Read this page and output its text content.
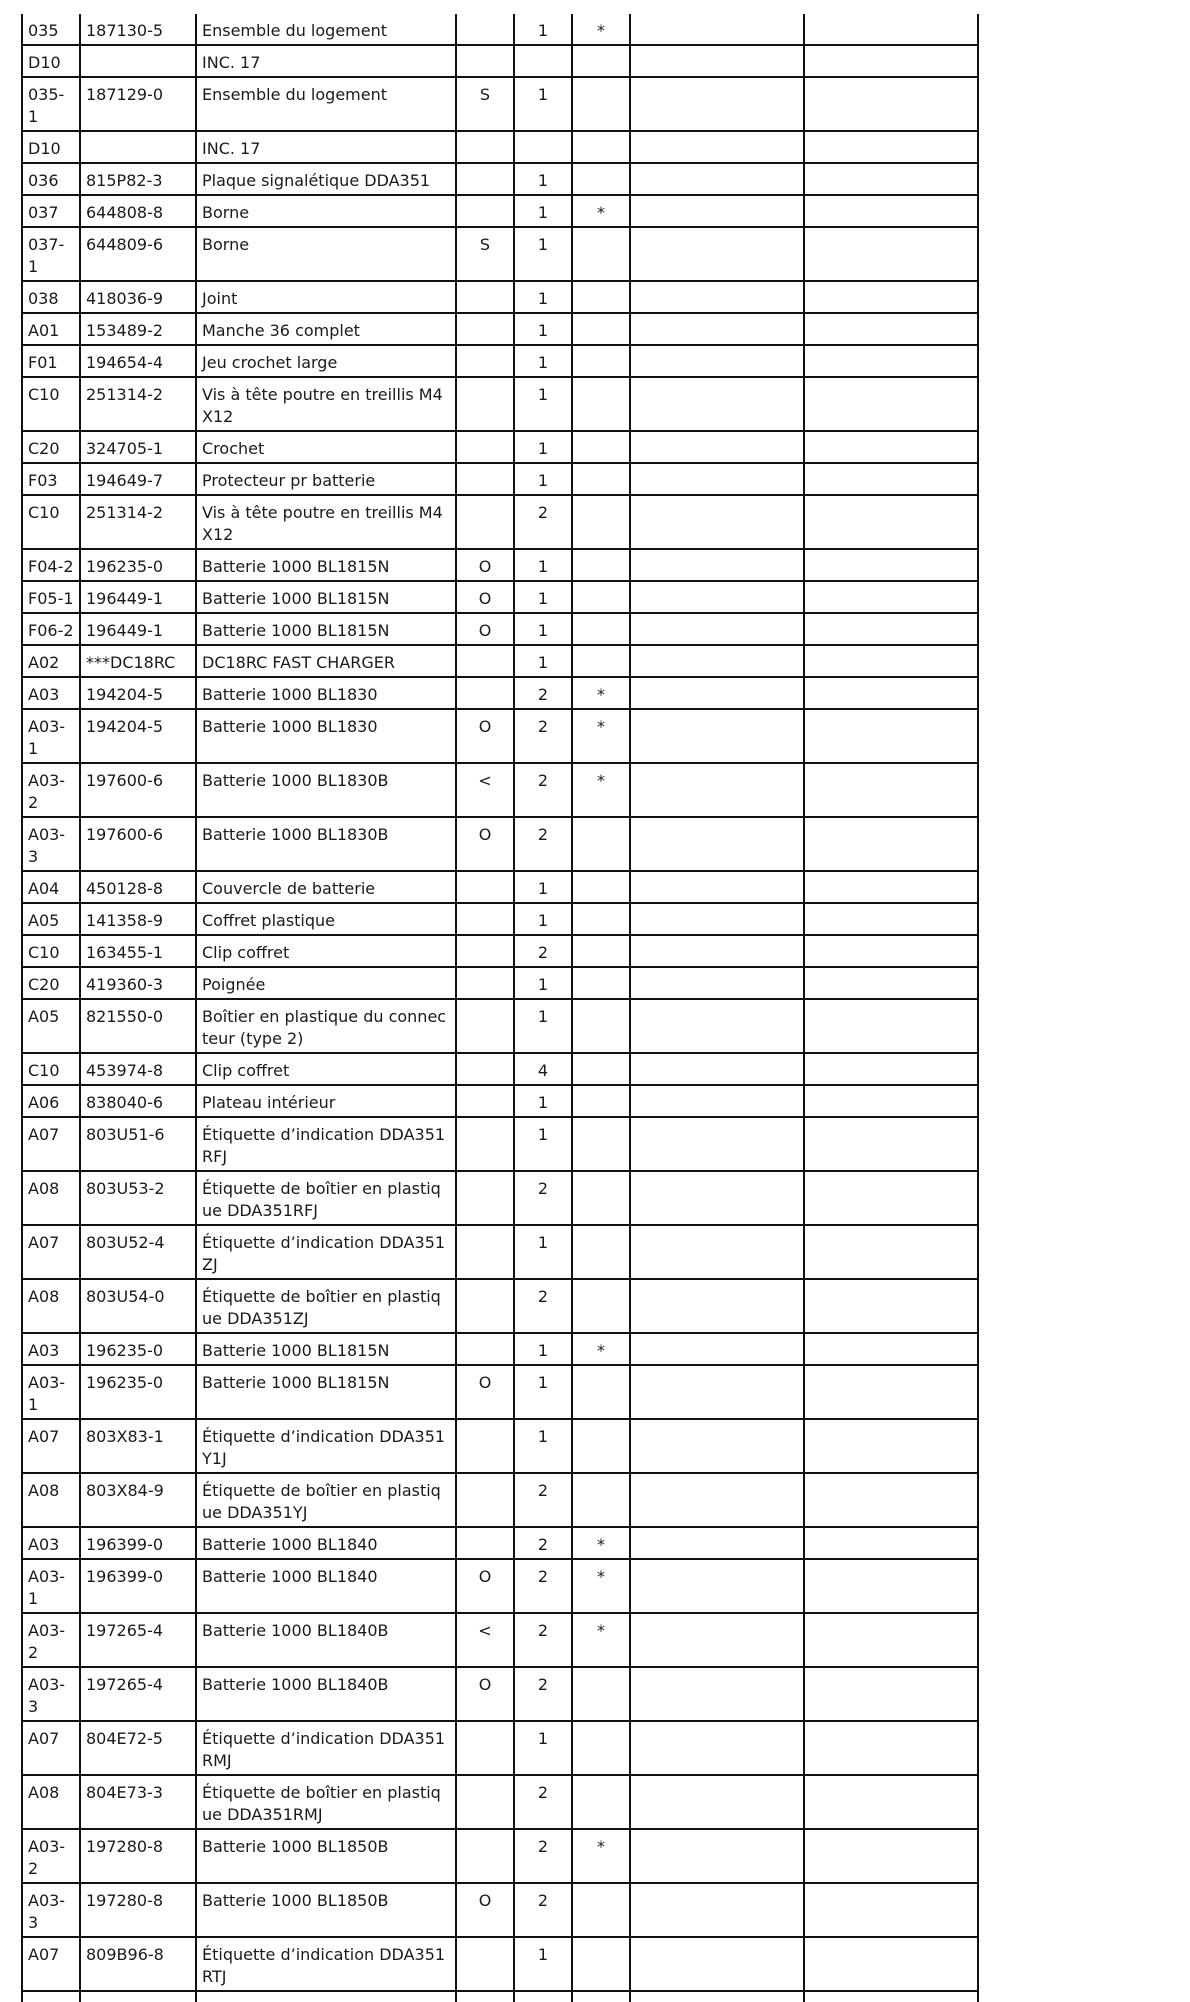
035	187130-5	Ensemble du logement		1	*		
D10		INC. 17					
035-1	187129-0	Ensemble du logement	S	1			
D10		INC. 17					
036	815P82-3	Plaque signalétique DDA351		1			
037	644808-8	Borne		1	*		
037-1	644809-6	Borne	S	1			
038	418036-9	Joint		1			
A01	153489-2	Manche 36 complet		1			
F01	194654-4	Jeu crochet large		1			
C10	251314-2	Vis à tête poutre en treillis M4X12		1			
C20	324705-1	Crochet		1			
F03	194649-7	Protecteur pr batterie		1			
C10	251314-2	Vis à tête poutre en treillis M4X12		2			
F04-2	196235-0	Batterie 1000 BL1815N	O	1			
F05-1	196449-1	Batterie 1000 BL1815N	O	1			
F06-2	196449-1	Batterie 1000 BL1815N	O	1			
A02	***DC18RC	DC18RC FAST CHARGER		1			
A03	194204-5	Batterie 1000 BL1830		2	*		
A03-1	194204-5	Batterie 1000 BL1830	O	2	*		
A03-2	197600-6	Batterie 1000 BL1830B	<	2	*		
A03-3	197600-6	Batterie 1000 BL1830B	O	2			
A04	450128-8	Couvercle de batterie		1			
A05	141358-9	Coffret plastique		1			
C10	163455-1	Clip coffret		2			
C20	419360-3	Poignée		1			
A05	821550-0	Boîtier en plastique du connecteur (type 2)		1			
C10	453974-8	Clip coffret		4			
A06	838040-6	Plateau intérieur		1			
A07	803U51-6	Étiquette d’indication DDA351RFJ		1			
A08	803U53-2	Étiquette de boîtier en plastique DDA351RFJ		2			
A07	803U52-4	Étiquette d’indication DDA351ZJ		1			
A08	803U54-0	Étiquette de boîtier en plastique DDA351ZJ		2			
A03	196235-0	Batterie 1000 BL1815N		1	*		
A03-1	196235-0	Batterie 1000 BL1815N	O	1			
A07	803X83-1	Étiquette d’indication DDA351Y1J		1			
A08	803X84-9	Étiquette de boîtier en plastique DDA351YJ		2			
A03	196399-0	Batterie 1000 BL1840		2	*		
A03-1	196399-0	Batterie 1000 BL1840	O	2	*		
A03-2	197265-4	Batterie 1000 BL1840B	<	2	*		
A03-3	197265-4	Batterie 1000 BL1840B	O	2			
A07	804E72-5	Étiquette d’indication DDA351RMJ		1			
A08	804E73-3	Étiquette de boîtier en plastique DDA351RMJ		2			
A03-2	197280-8	Batterie 1000 BL1850B		2	*		
A03-3	197280-8	Batterie 1000 BL1850B	O	2			
A07	809B96-8	Étiquette d’indication DDA351RTJ		1			
